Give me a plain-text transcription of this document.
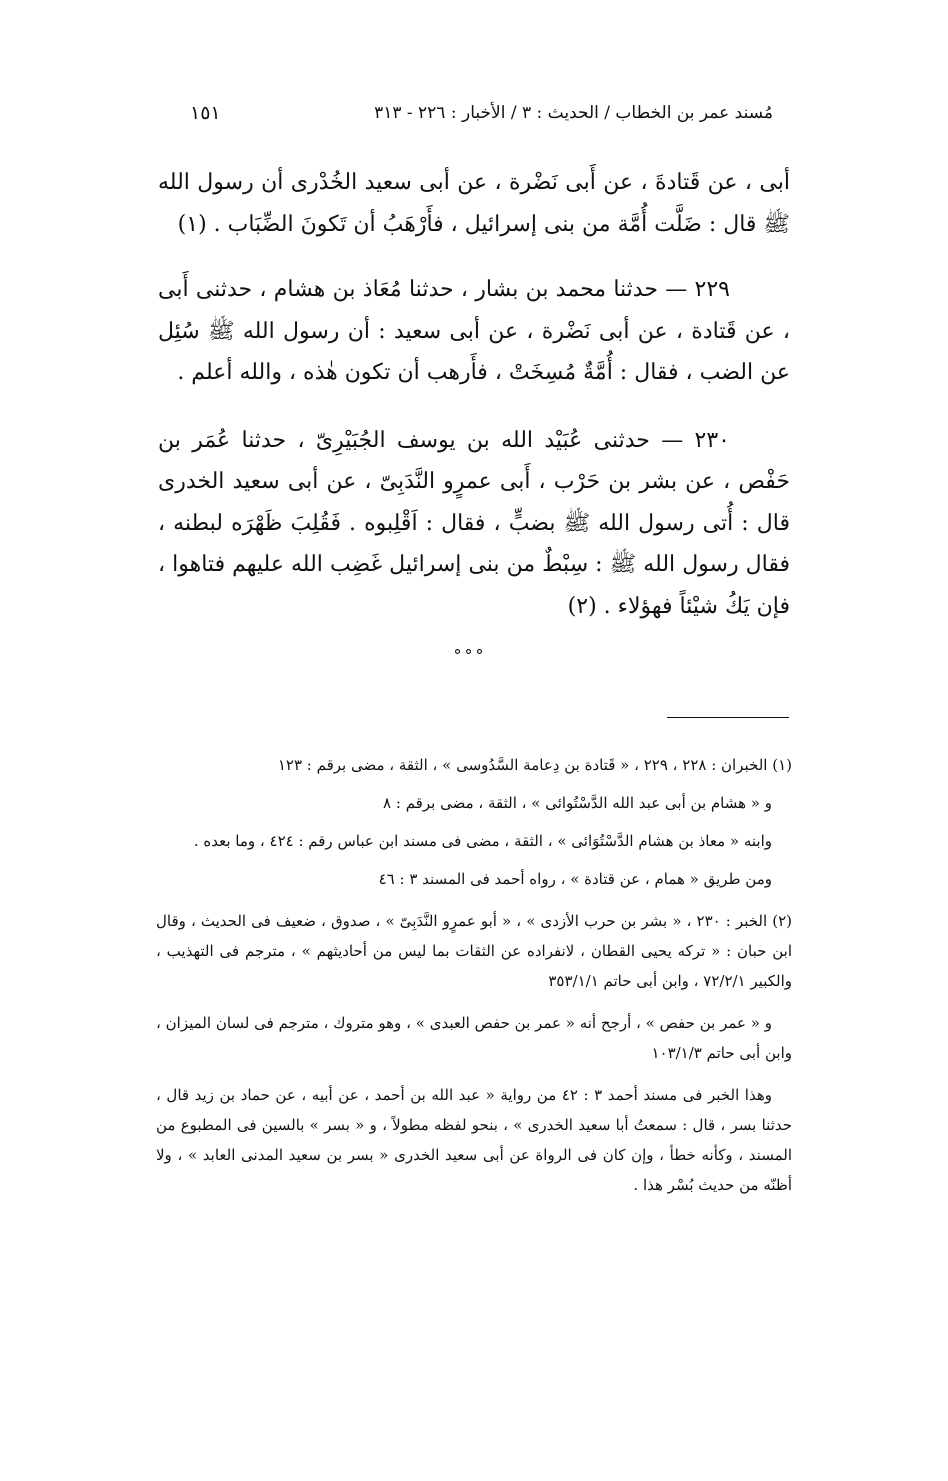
مُسند عمر بن الخطاب / الحديث : ٣ / الأخبار : ٢٢٦ - ٣١٣
١٥١

أبى ، عن قَتادةَ ، عن أَبى نَضْرة ، عن أبى سعيد الخُدْرى أن رسول الله ﷺ قال : ضَلَّت أُمَّة من بنى إسرائيل ، فأَرْهَبُ أن تَكونَ الضِّبَاب . (١)

٢٢٩ — حدثنا محمد بن بشار ، حدثنا مُعَاذ بن هشام ، حدثنى أَبى ، عن قَتادة ، عن أبى نَضْرة ، عن أبى سعيد : أن رسول الله ﷺ سُئِل عن الضب ، فقال : أُمَّةٌ مُسِخَتْ ، فأَرهب أن تكون هٰذه ، والله أعلم .

٢٣٠ — حدثنى عُبَيْد الله بن يوسف الجُبَيْرِىّ ، حدثنا عُمَر بن حَفْص ، عن بشر بن حَرْب ، أَبى عمرٍو النَّدَبِىّ ، عن أبى سعيد الخدرى قال : أُتى رسول الله ﷺ بضبٍّ ، فقال : اَقْلِبوه . فَقُلِبَ ظَهْرَه لبطنه ، فقال رسول الله ﷺ : سِبْطٌ من بنى إسرائيل غَضِب الله عليهم فتاهوا ، فإن يَكُ شيْئاً فهؤلاء . (٢)

°°°

(١) الخبران : ٢٢٨ ، ٢٢٩ ، « قَتادة بن دِعامة السَّدُوسى » ، الثقة ، مضى برقم : ١٢٣

و « هشام بن أبى عبد الله الدَّسْتُوائى » ، الثقة ، مضى برقم : ٨

وابنه « معاذ بن هشام الدَّسْتُوَائى » ، الثقة ، مضى فى مسند ابن عباس رقم : ٤٢٤ ، وما بعده .

ومن طريق « همام ، عن قتادة » ، رواه أحمد فى المسند ٣ : ٤٦

(٢) الخبر : ٢٣٠ ، « بشر بن حرب الأزدى » ، « أبو عمرٍو النَّدَبِىّ » ، صدوق ، ضعيف فى الحديث ، وقال ابن حبان : « تركه يحيى القطان ، لانفراده عن الثقات بما ليس من أحاديثهم » ، مترجم فى التهذيب ، والكبير ٧٢/٢/١ ، وابن أبى حاتم ٣٥٣/١/١

و « عمر بن حفص » ، أرجح أنه « عمر بن حفص العبدى » ، وهو متروك ، مترجم فى لسان الميزان ، وابن أبى حاتم ١٠٣/١/٣

وهذا الخبر فى مسند أحمد ٣ : ٤٢ من رواية « عبد الله بن أحمد ، عن أبيه ، عن حماد بن زيد قال ، حدثنا بسر ، قال : سمعتُ أبا سعيد الخدرى » ، بنحو لفظه مطولاً ، و « بسر » بالسين فى المطبوع من المسند ، وكأنه خطأ ، وإن كان فى الرواة عن أبى سعيد الخدرى « بسر بن سعيد المدنى العابد » ، ولا أظنّه من حديث بُسْر هذا .
